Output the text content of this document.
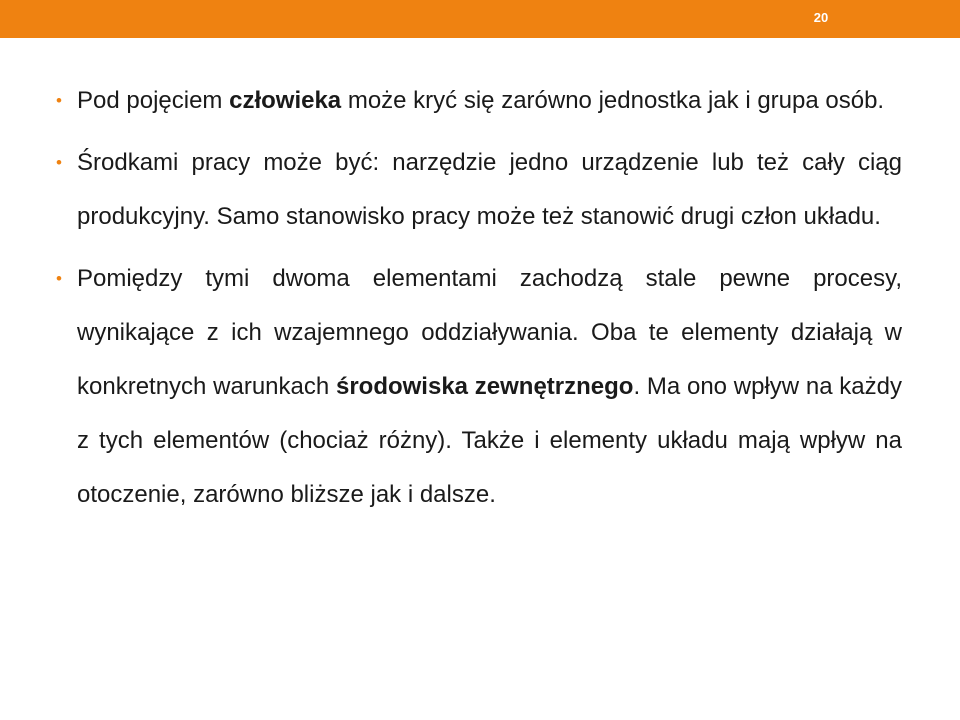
20
• Pod pojęciem człowieka może kryć się zarówno jednostka jak i grupa osób.
• Środkami pracy może być: narzędzie jedno urządzenie lub też cały ciąg produkcyjny. Samo stanowisko pracy może też stanowić drugi człon układu.
• Pomiędzy tymi dwoma elementami zachodzą stale pewne procesy, wynikające z ich wzajemnego oddziaływania. Oba te elementy działają w konkretnych warunkach środowiska zewnętrznego. Ma ono wpływ na każdy z tych elementów (chociaż różny). Także i elementy układu mają wpływ na otoczenie, zarówno bliższe jak i dalsze.
